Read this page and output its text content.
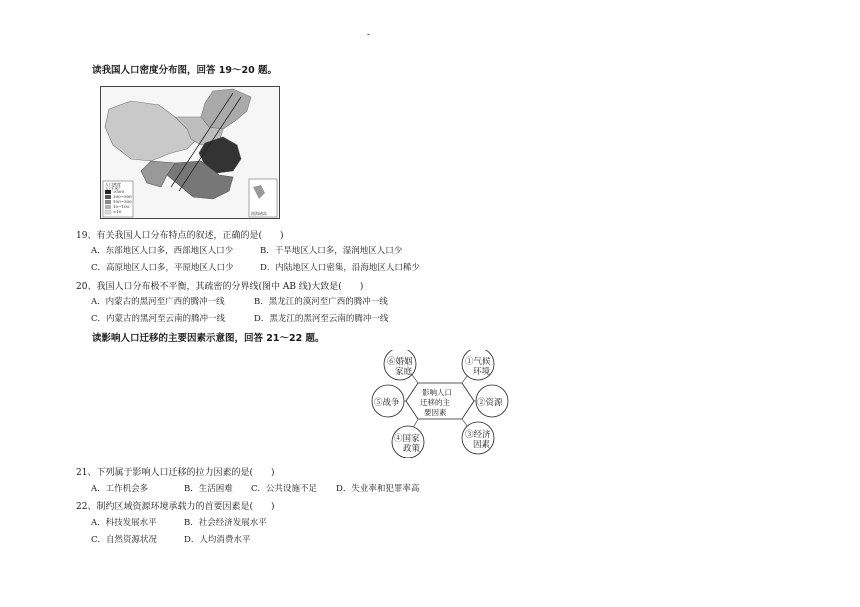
-
读我国人口密度分布图，回答 19～20 题。
人口密度
人/千米²
>500
300~500
100~300
10~100
<10	南海诸岛
19、有关我国人口分布特点的叙述，正确的是(　　)
A．东部地区人口多，西部地区人口少	B．干旱地区人口多，湿润地区人口少
C．高原地区人口多，平原地区人口少	D．内陆地区人口密集，沿海地区人口稀少
20、我国人口分布极不平衡，其疏密的分界线(图中 AB 线)大致是(　　)
A．内蒙古的黑河至广西的腾冲一线	B．黑龙江的漠河至广西的腾冲一线
C．内蒙古的黑河至云南的腾冲一线	D．黑龙江的黑河至云南的腾冲一线
读影响人口迁移的主要因素示意图，回答 21～22 题。
影响人口
迁移的主
要因素
①气候
环境
②资源
③经济
因素
④国家
政策
⑤战争
⑥婚姻
家庭
21、下列属于影响人口迁移的拉力因素的是(　　)
A．工作机会多	B．生活困难 C．公共设施不足 D．失业率和犯罪率高
22、制约区域资源环境承载力的首要因素是(　　)
A．科技发展水平	B．社会经济发展水平
C．自然资源状况	D．人均消费水平
